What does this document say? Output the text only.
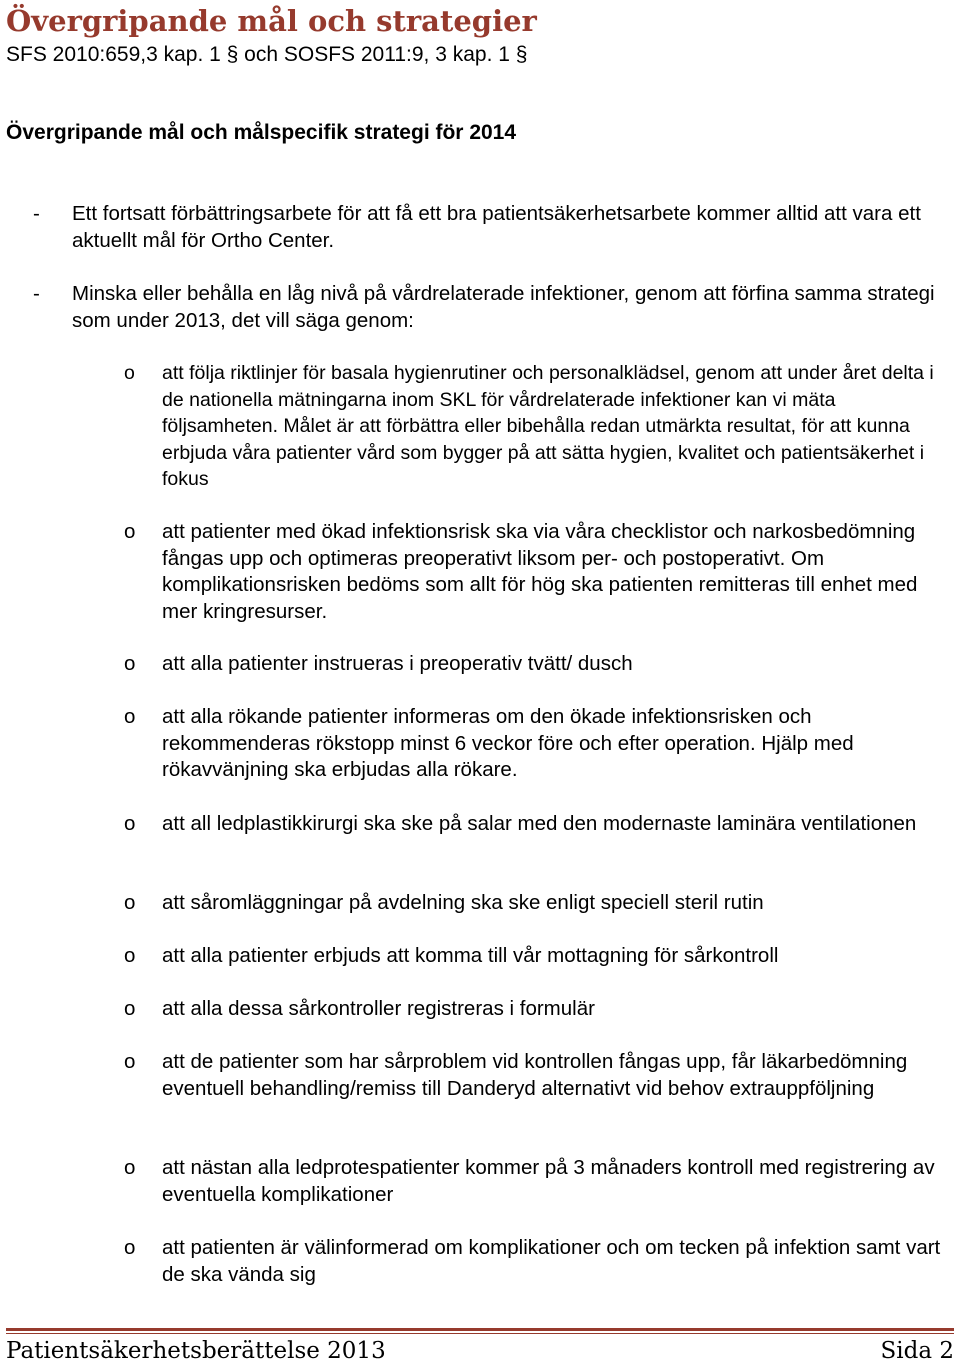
Övergripande mål och strategier

SFS 2010:659,3 kap. 1 § och SOSFS 2011:9, 3 kap. 1 §

Övergripande mål och målspecifik strategi för 2014
- Ett fortsatt förbättringsarbete för att få ett bra patientsäkerhetsarbete kommer alltid att vara ett aktuellt mål för Ortho Center.
- Minska eller behålla en låg nivå på vårdrelaterade infektioner, genom att förfina samma strategi som under 2013, det vill säga genom:
o att följa riktlinjer för basala hygienrutiner och personalklädsel, genom att under året delta i de nationella mätningarna inom SKL för vårdrelaterade infektioner kan vi mäta följsamheten. Målet är att förbättra eller bibehålla redan utmärkta resultat, för att kunna erbjuda våra patienter vård som bygger på att sätta hygien, kvalitet och patientsäkerhet i fokus
o att patienter med ökad infektionsrisk ska via våra checklistor och narkosbedömning fångas upp och optimeras preoperativt liksom per- och postoperativt. Om komplikationsrisken bedöms som allt för hög ska patienten remitteras till enhet med mer kringresurser.
o att alla patienter instrueras i preoperativ tvätt/ dusch
o att alla rökande patienter informeras om den ökade infektionsrisken och rekommenderas rökstopp minst 6 veckor före och efter operation. Hjälp med rökavvänjning ska erbjudas alla rökare.
o att all ledplastikkirurgi ska ske på salar med den modernaste laminära ventilationen
o att såromläggningar på avdelning ska ske enligt speciell steril rutin
o att alla patienter erbjuds att komma till vår mottagning för sårkontroll
o att alla dessa sårkontroller registreras i formulär
o att de patienter som har sårproblem vid kontrollen fångas upp, får läkarbedömning eventuell behandling/remiss till Danderyd alternativt vid behov extrauppföljning
o att nästan alla ledprotespatienter kommer på 3 månaders kontroll med registrering av eventuella komplikationer
o att patienten är välinformerad om komplikationer och om tecken på infektion samt vart de ska vända sig
Patientsäkerhetsberättelse 2013	Sida 2
